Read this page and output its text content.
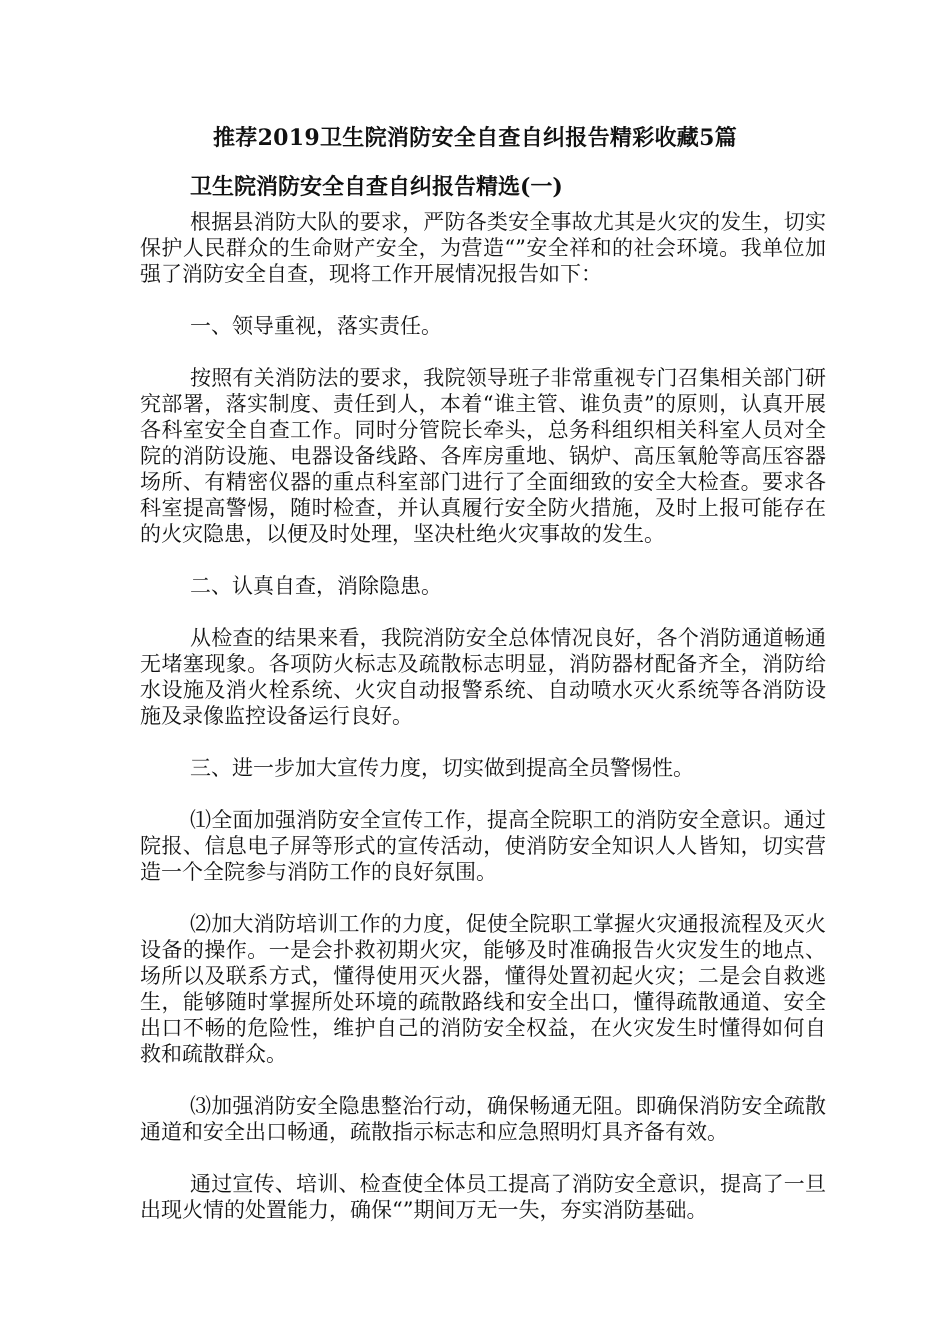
推荐2019卫生院消防安全自查自纠报告精彩收藏5篇
卫生院消防安全自查自纠报告精选(一)

根据县消防大队的要求，严防各类安全事故尤其是火灾的发生，切实保护人民群众的生命财产安全，为营造“”安全祥和的社会环境。我单位加强了消防安全自查，现将工作开展情况报告如下：

一、领导重视，落实责任。

按照有关消防法的要求，我院领导班子非常重视专门召集相关部门研究部署，落实制度、责任到人，本着“谁主管、谁负责”的原则，认真开展各科室安全自查工作。同时分管院长牵头，总务科组织相关科室人员对全院的消防设施、电器设备线路、各库房重地、锅炉、高压氧舱等高压容器场所、有精密仪器的重点科室部门进行了全面细致的安全大检查。要求各科室提高警惕，随时检查，并认真履行安全防火措施，及时上报可能存在的火灾隐患，以便及时处理，坚决杜绝火灾事故的发生。

二、认真自查，消除隐患。

从检查的结果来看，我院消防安全总体情况良好，各个消防通道畅通无堵塞现象。各项防火标志及疏散标志明显，消防器材配备齐全，消防给水设施及消火栓系统、火灾自动报警系统、自动喷水灭火系统等各消防设施及录像监控设备运行良好。

三、进一步加大宣传力度，切实做到提高全员警惕性。

⑴全面加强消防安全宣传工作，提高全院职工的消防安全意识。通过院报、信息电子屏等形式的宣传活动，使消防安全知识人人皆知，切实营造一个全院参与消防工作的良好氛围。

⑵加大消防培训工作的力度，促使全院职工掌握火灾通报流程及灭火设备的操作。一是会扑救初期火灾，能够及时准确报告火灾发生的地点、场所以及联系方式，懂得使用灭火器，懂得处置初起火灾；二是会自救逃生，能够随时掌握所处环境的疏散路线和安全出口，懂得疏散通道、安全出口不畅的危险性，维护自己的消防安全权益，在火灾发生时懂得如何自救和疏散群众。

⑶加强消防安全隐患整治行动，确保畅通无阻。即确保消防安全疏散通道和安全出口畅通，疏散指示标志和应急照明灯具齐备有效。

通过宣传、培训、检查使全体员工提高了消防安全意识，提高了一旦出现火情的处置能力，确保“”期间万无一失，夯实消防基础。
